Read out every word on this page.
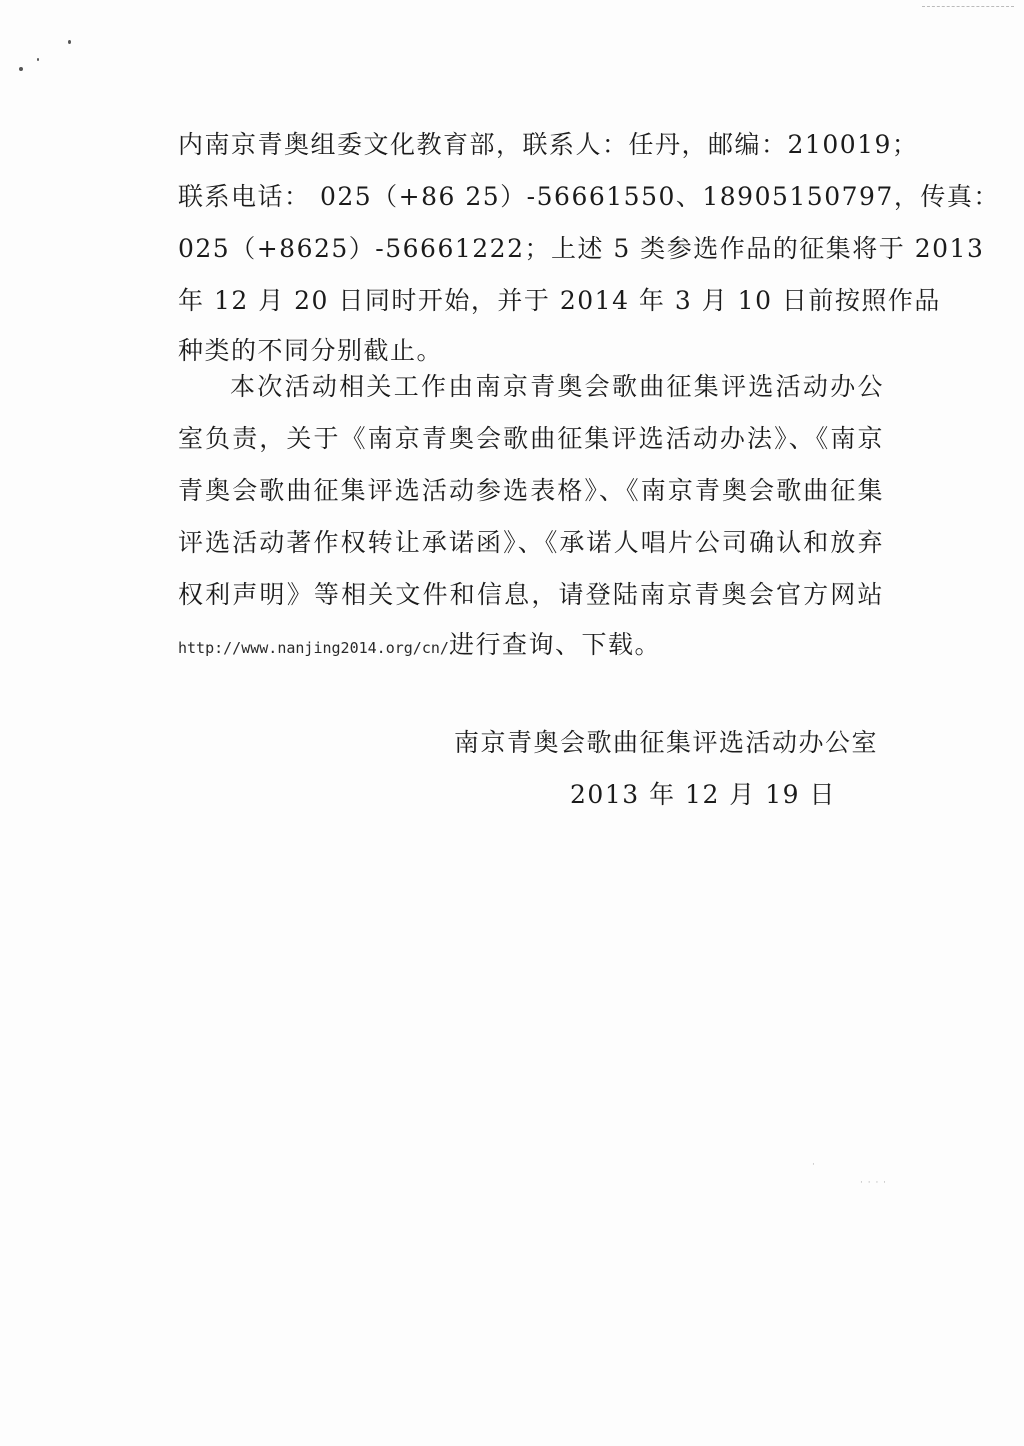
· · · ·
·
内南京青奥组委文化教育部，联系人：任丹，邮编：210019；
联系电话： 025（+86 25）-56661550、18905150797，传真：
025（+8625）-56661222；上述 5 类参选作品的征集将于 2013
年 12 月 20 日同时开始，并于 2014 年 3 月 10 日前按照作品
种类的不同分别截止。
本次活动相关工作由南京青奥会歌曲征集评选活动办公
室负责，关于《南京青奥会歌曲征集评选活动办法》、《南京
青奥会歌曲征集评选活动参选表格》、《南京青奥会歌曲征集
评选活动著作权转让承诺函》、《承诺人唱片公司确认和放弃
权利声明》等相关文件和信息，请登陆南京青奥会官方网站
http://www.nanjing2014.org/cn/进行查询、下载。
南京青奥会歌曲征集评选活动办公室
2013 年 12 月 19 日
